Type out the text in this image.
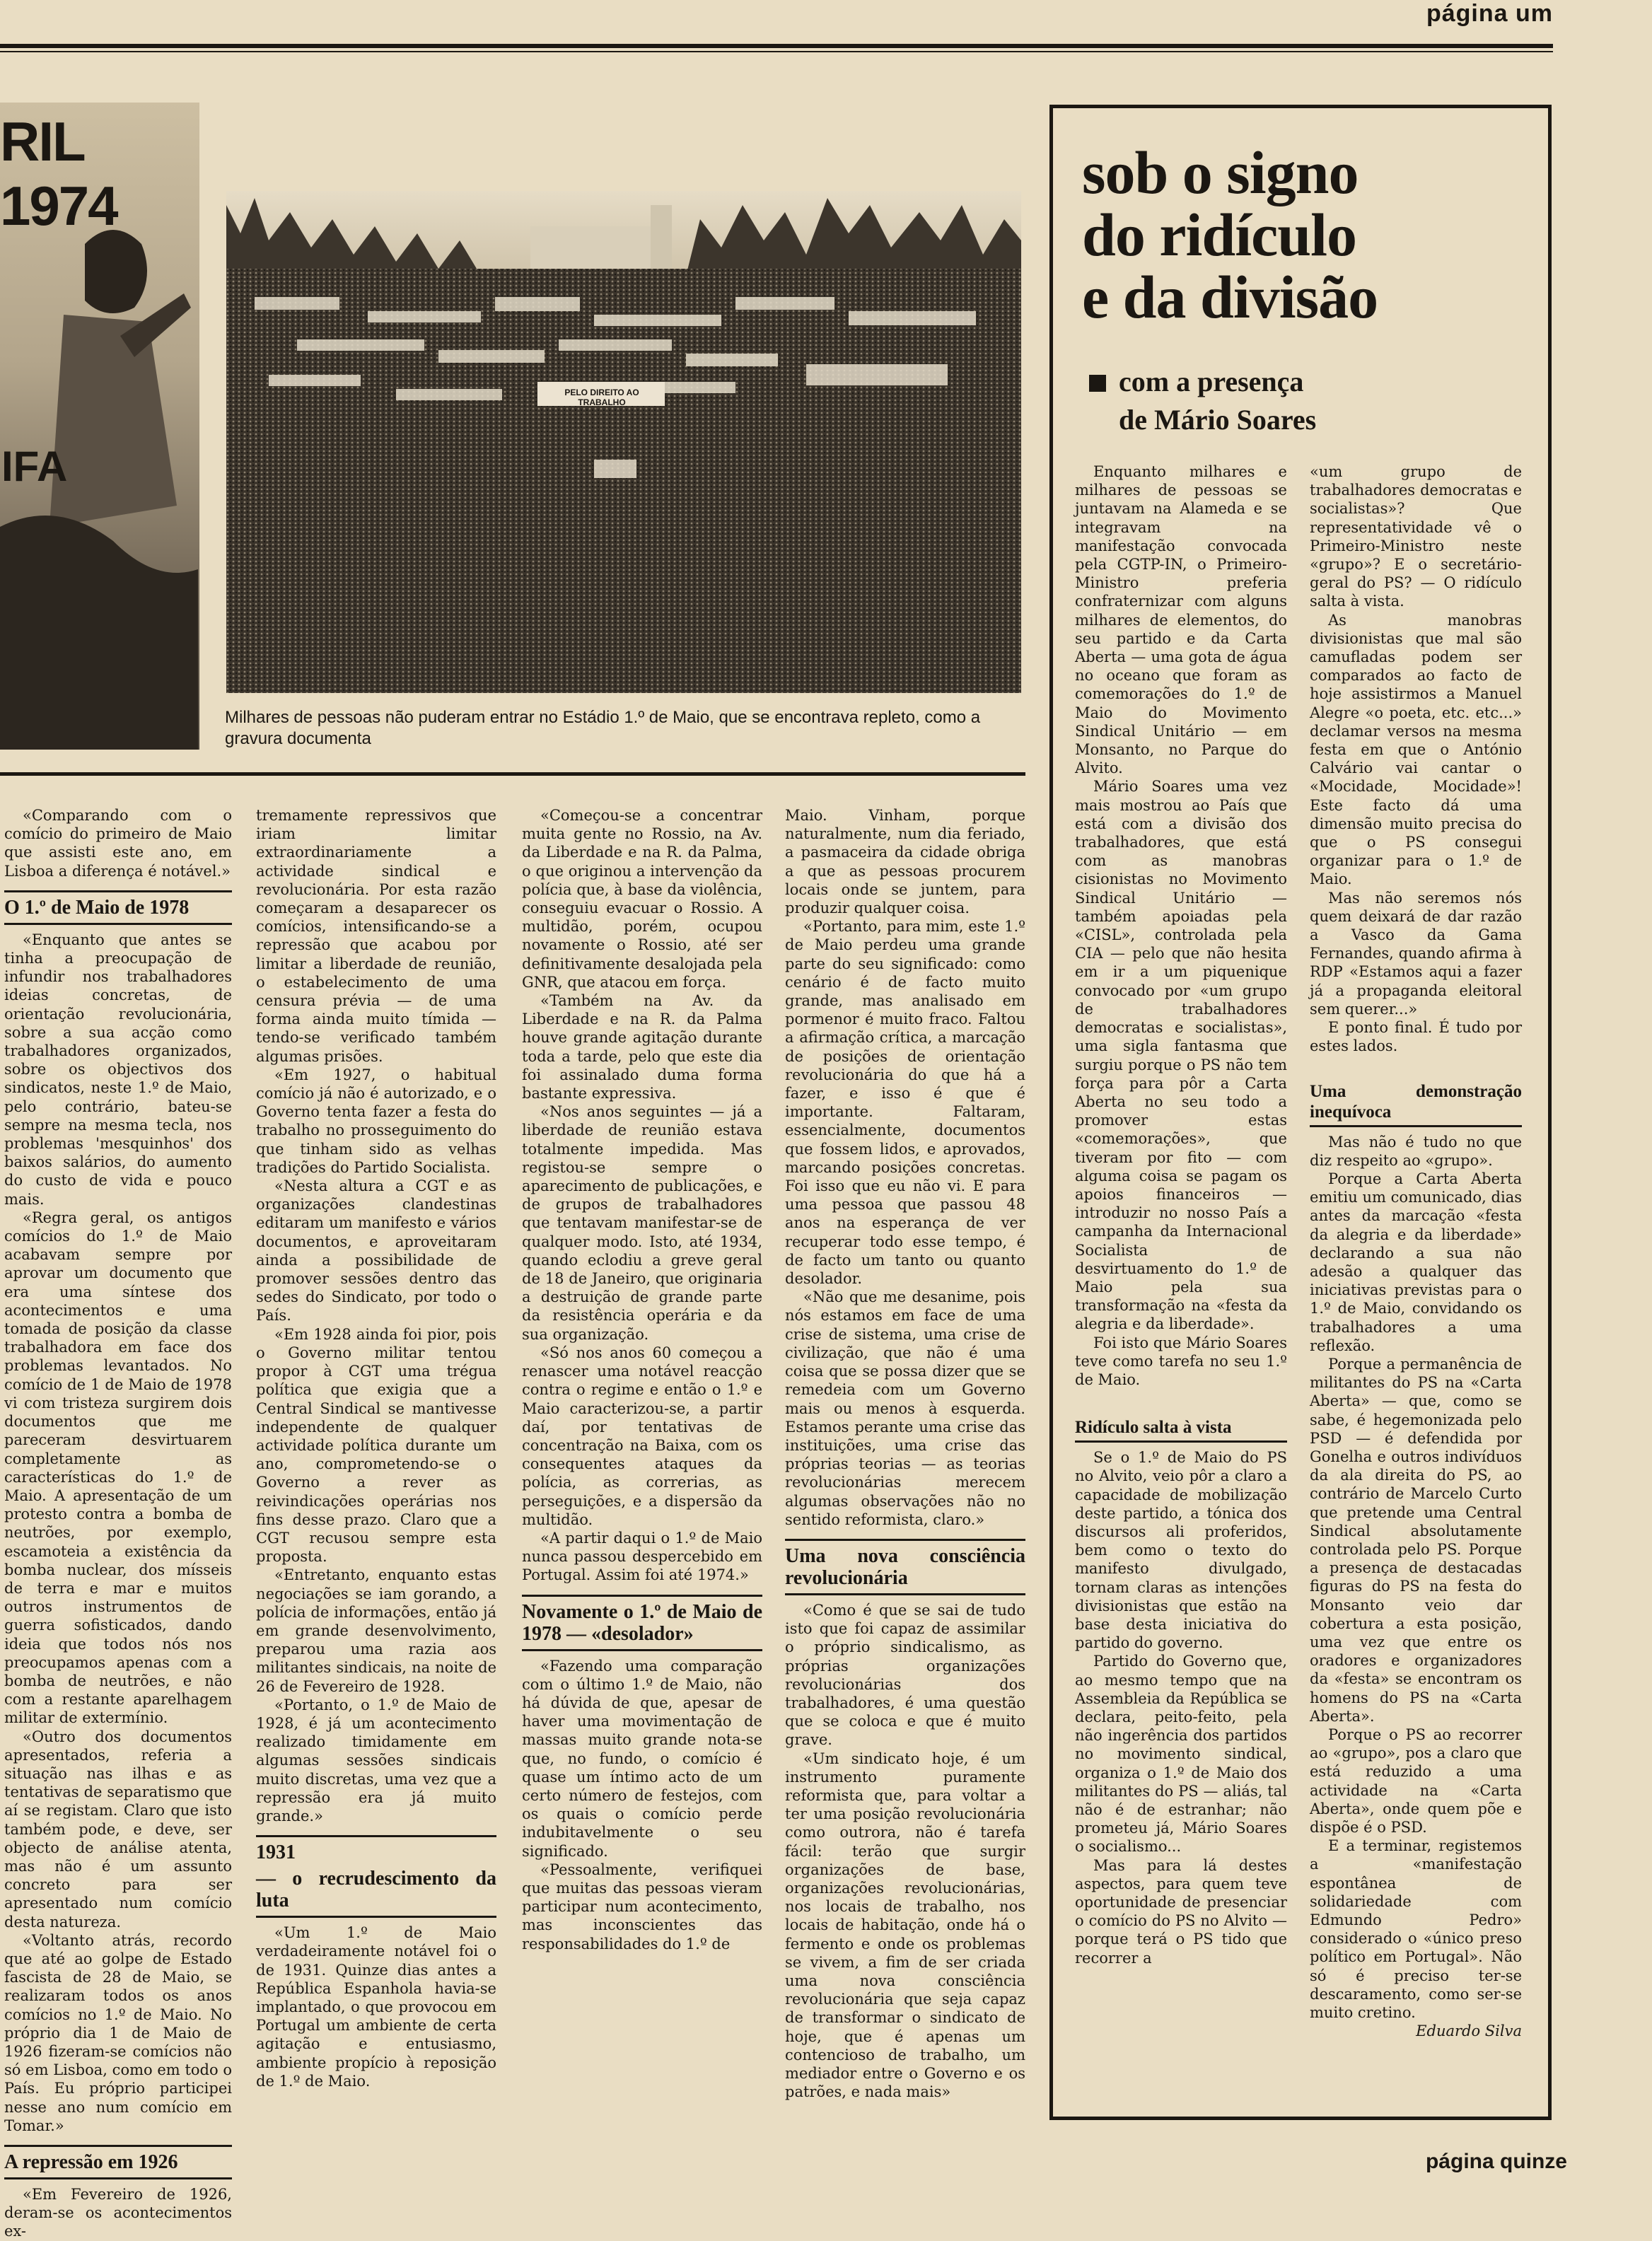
página um
RIL 1974
IFA
PELO DIREITO AO TRABALHO
Milhares de pessoas não puderam entrar no Estádio 1.º de Maio, que se encontrava repleto, como a gravura documenta

«Comparando com o comício do primeiro de Maio que assisti este ano, em Lisboa a diferença é notável.»

O 1.º de Maio de 1978

«Enquanto que antes se tinha a preocupação de infundir nos trabalhadores ideias concretas, de orientação revolucionária, sobre a sua acção como trabalhadores organizados, sobre os objectivos dos sindicatos, neste 1.º de Maio, pelo contrário, bateu-se sempre na mesma tecla, nos problemas 'mesquinhos' dos baixos salários, do aumento do custo de vida e pouco mais.

«Regra geral, os antigos comícios do 1.º de Maio acabavam sempre por aprovar um documento que era uma síntese dos acontecimentos e uma tomada de posição da classe trabalhadora em face dos problemas levantados. No comício de 1 de Maio de 1978 vi com tristeza surgirem dois documentos que me pareceram desvirtuarem completamente as características do 1.º de Maio. A apresentação de um protesto contra a bomba de neutrões, por exemplo, escamoteia a existência da bomba nuclear, dos mísseis de terra e mar e muitos outros instrumentos de guerra sofisticados, dando ideia que todos nós nos preocupamos apenas com a bomba de neutrões, e não com a restante aparelhagem militar de extermínio.

«Outro dos documentos apresentados, referia a situação nas ilhas e as tentativas de separatismo que aí se registam. Claro que isto também pode, e deve, ser objecto de análise atenta, mas não é um assunto concreto para ser apresentado num comício desta natureza.

«Voltanto atrás, recordo que até ao golpe de Estado fascista de 28 de Maio, se realizaram todos os anos comícios no 1.º de Maio. No próprio dia 1 de Maio de 1926 fizeram-se comícios não só em Lisboa, como em todo o País. Eu próprio participei nesse ano num comício em Tomar.»

A repressão em 1926

«Em Fevereiro de 1926, deram-se os acontecimentos ex-

tremamente repressivos que iriam limitar extraordinariamente a actividade sindical e revolucionária. Por esta razão começaram a desaparecer os comícios, intensificando-se a repressão que acabou por limitar a liberdade de reunião, o estabelecimento de uma censura prévia — de uma forma ainda muito tímida — tendo-se verificado também algumas prisões.

«Em 1927, o habitual comício já não é autorizado, e o Governo tenta fazer a festa do trabalho no prosseguimento do que tinham sido as velhas tradições do Partido Socialista.

«Nesta altura a CGT e as organizações clandestinas editaram um manifesto e vários documentos, e aproveitaram ainda a possibilidade de promover sessões dentro das sedes do Sindicato, por todo o País.

«Em 1928 ainda foi pior, pois o Governo militar tentou propor à CGT uma trégua política que exigia que a Central Sindical se mantivesse independente de qualquer actividade política durante um ano, comprometendo-se o Governo a rever as reivindicações operárias nos fins desse prazo. Claro que a CGT recusou sempre esta proposta.

«Entretanto, enquanto estas negociações se iam gorando, a polícia de informações, então já em grande desenvolvimento, preparou uma razia aos militantes sindicais, na noite de 26 de Fevereiro de 1928.

«Portanto, o 1.º de Maio de 1928, é já um acontecimento realizado timidamente em algumas sessões sindicais muito discretas, uma vez que a repressão era já muito grande.»

1931
— o recrudescimento da luta

«Um 1.º de Maio verdadeiramente notável foi o de 1931. Quinze dias antes a República Espanhola havia-se implantado, o que provocou em Portugal um ambiente de certa agitação e entusiasmo, ambiente propício à reposição de 1.º de Maio.

«Começou-se a concentrar muita gente no Rossio, na Av. da Liberdade e na R. da Palma, o que originou a intervenção da polícia que, à base da violência, conseguiu evacuar o Rossio. A multidão, porém, ocupou novamente o Rossio, até ser definitivamente desalojada pela GNR, que atacou em força.

«Também na Av. da Liberdade e na R. da Palma houve grande agitação durante toda a tarde, pelo que este dia foi assinalado duma forma bastante expressiva.

«Nos anos seguintes — já a liberdade de reunião estava totalmente impedida. Mas registou-se sempre o aparecimento de publicações, e de grupos de trabalhadores que tentavam manifestar-se de qualquer modo. Isto, até 1934, quando eclodiu a greve geral de 18 de Janeiro, que originaria a destruição de grande parte da resistência operária e da sua organização.

«Só nos anos 60 começou a renascer uma notável reacção contra o regime e então o 1.º e Maio caracterizou-se, a partir daí, por tentativas de concentração na Baixa, com os consequentes ataques da polícia, as correrias, as perseguições, e a dispersão da multidão.

«A partir daqui o 1.º de Maio nunca passou despercebido em Portugal. Assim foi até 1974.»

Novamente o 1.º de Maio de 1978 — «desolador»

«Fazendo uma comparação com o último 1.º de Maio, não há dúvida de que, apesar de haver uma movimentação de massas muito grande nota-se que, no fundo, o comício é quase um íntimo acto de um certo número de festejos, com os quais o comício perde indubitavelmente o seu significado.

«Pessoalmente, verifiquei que muitas das pessoas vieram participar num acontecimento, mas inconscientes das responsabilidades do 1.º de

Maio. Vinham, porque naturalmente, num dia feriado, a pasmaceira da cidade obriga a que as pessoas procurem locais onde se juntem, para produzir qualquer coisa.

«Portanto, para mim, este 1.º de Maio perdeu uma grande parte do seu significado: como cenário é de facto muito grande, mas analisado em pormenor é muito fraco. Faltou a afirmação crítica, a marcação de posições de orientação revolucionária do que há a fazer, e isso é que é importante. Faltaram, essencialmente, documentos que fossem lidos, e aprovados, marcando posições concretas. Foi isso que eu não vi. E para uma pessoa que passou 48 anos na esperança de ver recuperar todo esse tempo, é de facto um tanto ou quanto desolador.

«Não que me desanime, pois nós estamos em face de uma crise de sistema, uma crise de civilização, que não é uma coisa que se possa dizer que se remedeia com um Governo mais ou menos à esquerda. Estamos perante uma crise das instituições, uma crise das próprias teorias — as teorias revolucionárias merecem algumas observações não no sentido reformista, claro.»

Uma nova consciência revolucionária

«Como é que se sai de tudo isto que foi capaz de assimilar o próprio sindicalismo, as próprias organizações revolucionárias dos trabalhadores, é uma questão que se coloca e que é muito grave.

«Um sindicato hoje, é um instrumento puramente reformista que, para voltar a ter uma posição revolucionária como outrora, não é tarefa fácil: terão que surgir organizações de base, organizações revolucionárias, nos locais de trabalho, nos locais de habitação, onde há o fermento e onde os problemas se vivem, a fim de ser criada uma nova consciência revolucionária que seja capaz de transformar o sindicato de hoje, que é apenas um contencioso de trabalho, um mediador entre o Governo e os patrões, e nada mais»

sob o signo
do ridículo
e da divisão
com a presença
de Mário Soares

Enquanto milhares e milhares de pessoas se juntavam na Alameda e se integravam na manifestação convocada pela CGTP-IN, o Primeiro-Ministro preferia confraternizar com alguns milhares de elementos, do seu partido e da Carta Aberta — uma gota de água no oceano que foram as comemorações do 1.º de Maio do Movimento Sindical Unitário — em Monsanto, no Parque do Alvito.

Mário Soares uma vez mais mostrou ao País que está com a divisão dos trabalhadores, que está com as manobras cisionistas no Movimento Sindical Unitário — também apoiadas pela «CISL», controlada pela CIA — pelo que não hesita em ir a um piquenique convocado por «um grupo de trabalhadores democratas e socialistas», uma sigla fantasma que surgiu porque o PS não tem força para pôr a Carta Aberta no seu todo a promover estas «comemorações», que tiveram por fito — com alguma coisa se pagam os apoios financeiros — introduzir no nosso País a campanha da Internacional Socialista de desvirtuamento do 1.º de Maio pela sua transformação na «festa da alegria e da liberdade».

Foi isto que Mário Soares teve como tarefa no seu 1.º de Maio.

Ridículo salta à vista

Se o 1.º de Maio do PS no Alvito, veio pôr a claro a capacidade de mobilização deste partido, a tónica dos discursos ali proferidos, bem como o texto do manifesto divulgado, tornam claras as intenções divisionistas que estão na base desta iniciativa do partido do governo.

Partido do Governo que, ao mesmo tempo que na Assembleia da República se declara, peito-feito, pela não ingerência dos partidos no movimento sindical, organiza o 1.º de Maio dos militantes do PS — aliás, tal não é de estranhar; não prometeu já, Mário Soares o socialismo...

Mas para lá destes aspectos, para quem teve oportunidade de presenciar o comício do PS no Alvito — porque terá o PS tido que recorrer a

«um grupo de trabalhadores democratas e socialistas»? Que representatividade vê o Primeiro-Ministro neste «grupo»? E o secretário-geral do PS? — O ridículo salta à vista.

As manobras divisionistas que mal são camufladas podem ser comparados ao facto de hoje assistirmos a Manuel Alegre «o poeta, etc. etc...» declamar versos na mesma festa em que o António Calvário vai cantar o «Mocidade, Mocidade»! Este facto dá uma dimensão muito precisa do que o PS consegui organizar para o 1.º de Maio.

Mas não seremos nós quem deixará de dar razão a Vasco da Gama Fernandes, quando afirma à RDP «Estamos aqui a fazer já a propaganda eleitoral sem querer...»

E ponto final. É tudo por estes lados.

Uma demonstração inequívoca

Mas não é tudo no que diz respeito ao «grupo».

Porque a Carta Aberta emitiu um comunicado, dias antes da marcação «festa da alegria e da liberdade» declarando a sua não adesão a qualquer das iniciativas previstas para o 1.º de Maio, convidando os trabalhadores a uma reflexão.

Porque a permanência de militantes do PS na «Carta Aberta» — que, como se sabe, é hegemonizada pelo PSD — é defendida por Gonelha e outros indivíduos da ala direita do PS, ao contrário de Marcelo Curto que pretende uma Central Sindical absolutamente controlada pelo PS. Porque a presença de destacadas figuras do PS na festa do Monsanto veio dar cobertura a esta posição, uma vez que entre os oradores e organizadores da «festa» se encontram os homens do PS na «Carta Aberta».

Porque o PS ao recorrer ao «grupo», pos a claro que está reduzido a uma actividade na «Carta Aberta», onde quem põe e dispõe é o PSD.

E a terminar, registemos a «manifestação espontânea de solidariedade com Edmundo Pedro» considerado o «único preso político em Portugal». Não só é preciso ter-se descaramento, como ser-se muito cretino.

Eduardo Silva

página quinze
